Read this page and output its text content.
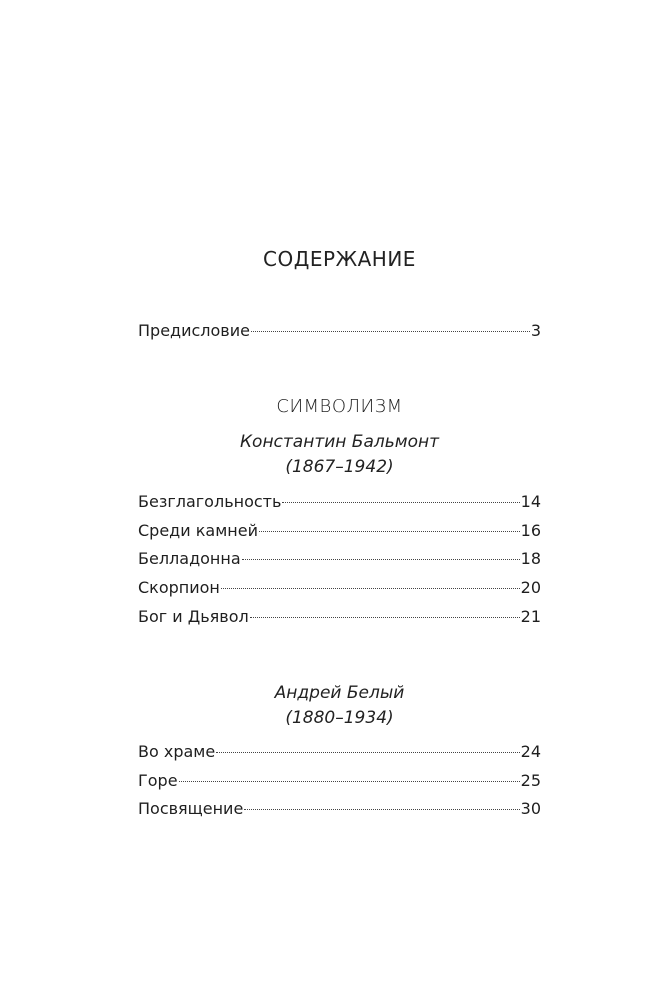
СОДЕРЖАНИЕ
Предисловие	3
СИМВОЛИЗМ
Константин Бальмонт
(1867–1942)
Безглагольность	14
Среди камней	16
Белладонна	18
Скорпион	20
Бог и Дьявол	21
Андрей Белый
(1880–1934)
Во храме	24
Горе	25
Посвящение	30
